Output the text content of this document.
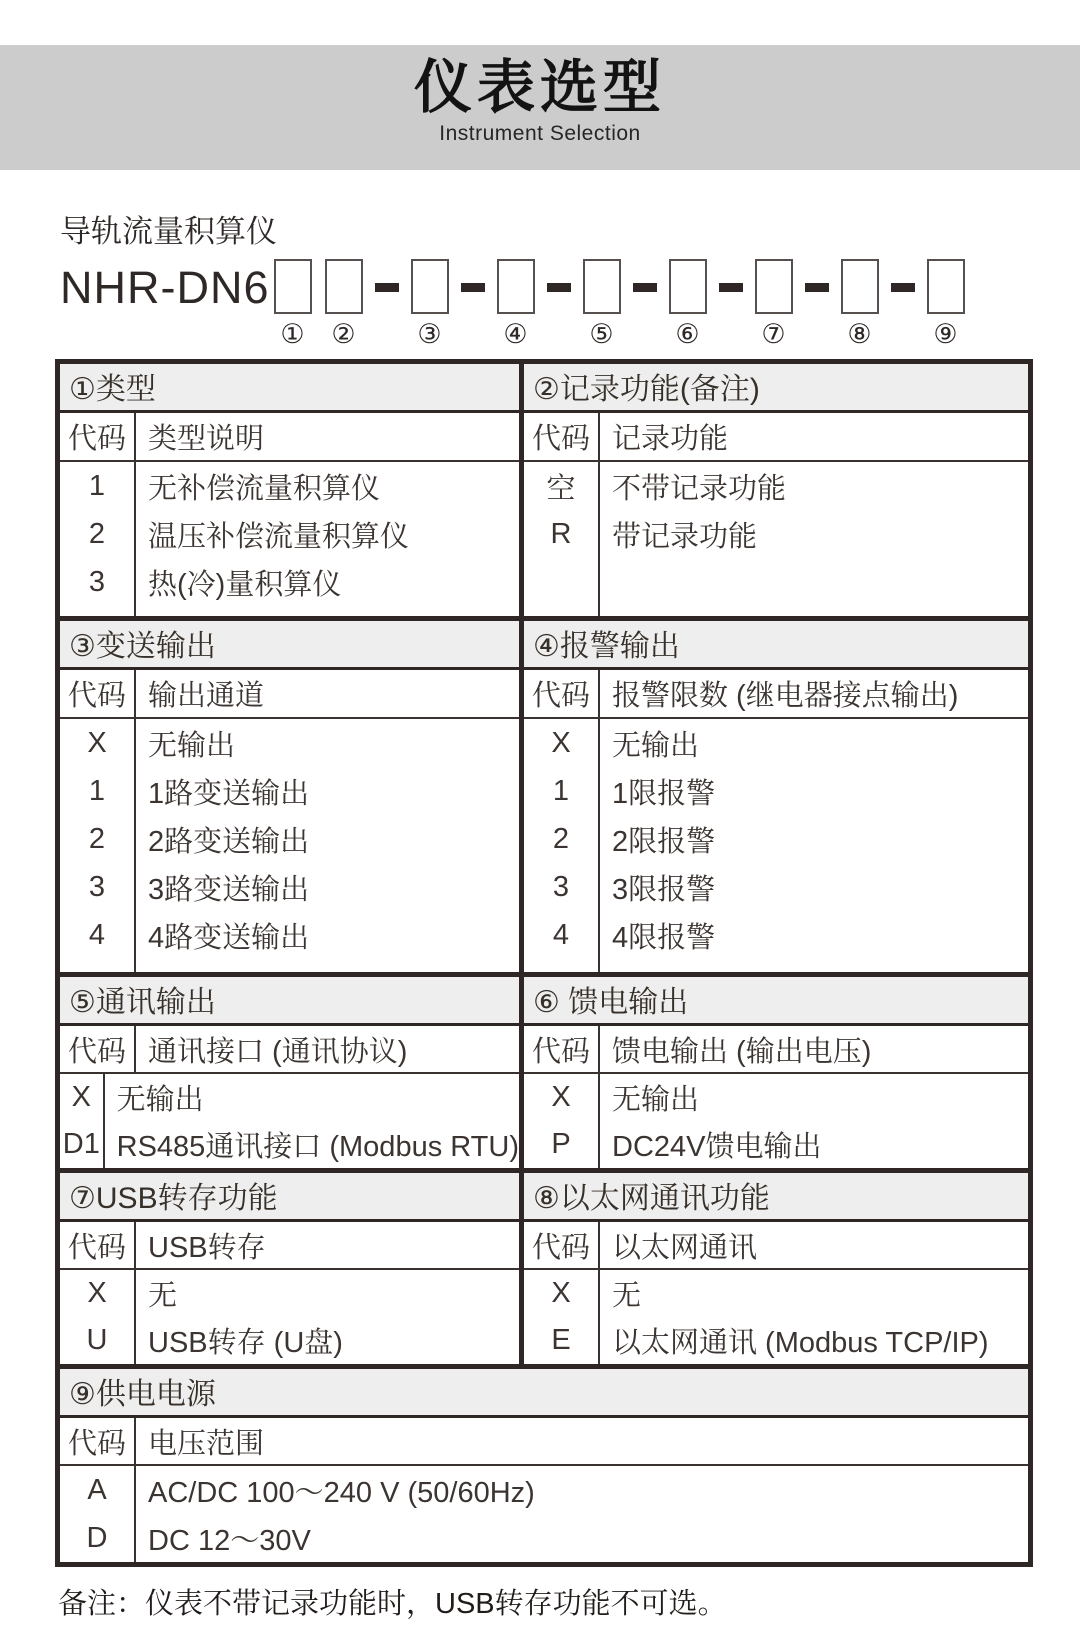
仪表选型
Instrument Selection
导轨流量积算仪
NHR-DN6
① ② ③ ④ ⑤ ⑥ ⑦ ⑧ ⑨
①类型
代码 类型说明
1
2
3
无补偿流量积算仪
温压补偿流量积算仪
热(冷)量积算仪
②记录功能(备注)
代码 记录功能
空
R
不带记录功能
带记录功能
③变送输出
代码 输出通道
X
1
2
3
4
无输出
1路变送输出
2路变送输出
3路变送输出
4路变送输出
④报警输出
代码 报警限数 (继电器接点输出)
X
1
2
3
4
无输出
1限报警
2限报警
3限报警
4限报警
⑤通讯输出
代码 通讯接口 (通讯协议)
X
D1
无输出
RS485通讯接口 (Modbus RTU)
⑥ 馈电输出
代码 馈电输出 (输出电压)
X
P
无输出
DC24V馈电输出
⑦USB转存功能
代码 USB转存
X
U
无
USB转存 (U盘)
⑧以太网通讯功能
代码 以太网通讯
X
E
无
以太网通讯 (Modbus TCP/IP)
⑨供电电源
代码 电压范围
A
D
AC/DC 100～240 V (50/60Hz)
DC 12～30V
备注：仪表不带记录功能时，USB转存功能不可选。
